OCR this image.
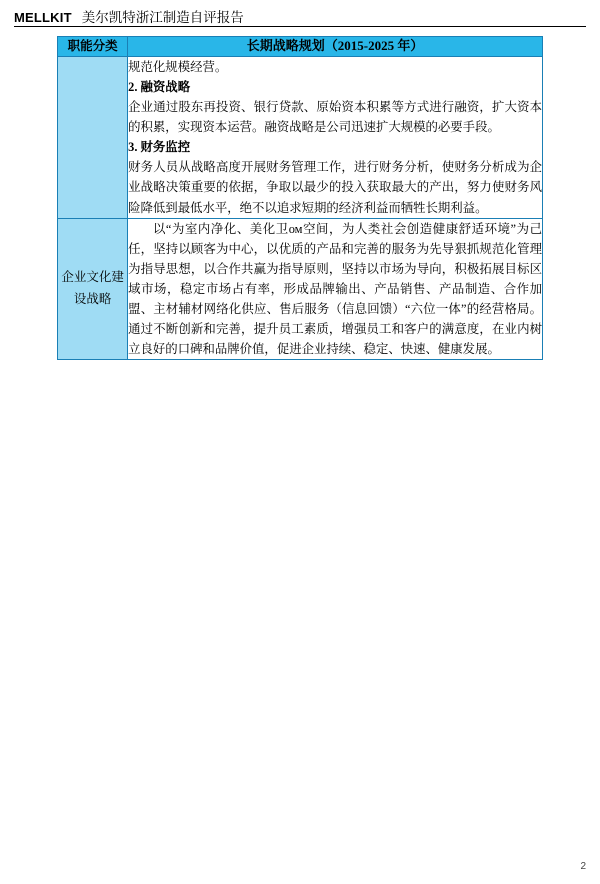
MELLKIT 美尔凯特浙江制造自评报告
职能分类	长期战略规划（2015-2025 年）

	规范化规模经营。

2. 融资战略

企业通过股东再投资、银行贷款、原始资本积累等方式进行融资，扩大资本的积累，实现资本运营。融资战略是公司迅速扩大规模的必要手段。

3. 财务监控

财务人员从战略高度开展财务管理工作，进行财务分析，使财务分析成为企业战略决策重要的依据，争取以最少的投入获取最大的产出，努力使财务风险降低到最低水平，绝不以追求短期的经济利益而牺牲长期利益。

企业文化建设战略	以“为室内净化、美化卫ом空间，为人类社会创造健康舒适环境”为己任，坚持以顾客为中心，以优质的产品和完善的服务为先导狠抓规范化管理为指导思想，以合作共赢为指导原则，坚持以市场为导向，积极拓展目标区域市场，稳定市场占有率，形成品牌输出、产品销售、产品制造、合作加盟、主材辅材网络化供应、售后服务（信息回馈）“六位一体”的经营格局。通过不断创新和完善，提升员工素质，增强员工和客户的满意度，在业内树立良好的口碑和品牌价值，促进企业持续、稳定、快速、健康发展。

2
